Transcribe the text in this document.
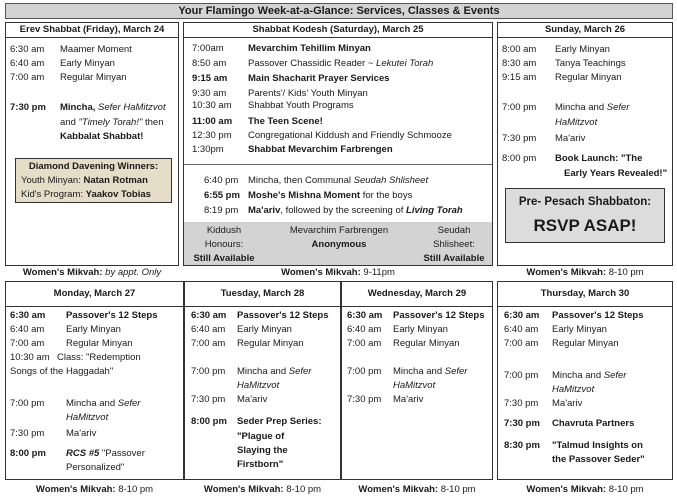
Your Flamingo Week-at-a-Glance: Services, Classes & Events
Erev Shabbat (Friday), March 24
6:30 am Maamer Moment
6:40 am Early Minyan
7:00 am Regular Minyan
7:30 pm Mincha, Sefer HaMitzvot
and "Timely Torah!" then
Kabbalat Shabbat!
Diamond Davening Winners:
Youth Minyan: Natan Rotman
Kid's Program: Yaakov Tobias
Women's Mikvah: by appt. Only
Shabbat Kodesh (Saturday), March 25
7:00am	Mevarchim Tehillim Minyan
8:50 am Passover Chassidic Reader ~ Lekutei Torah
9:15 am Main Shacharit Prayer Services
9:30 am Parents'/ Kids' Youth Minyan
10:30 am Shabbat Youth Programs
11:00 am The Teen Scene!
12:30 pm Congregational Kiddush and Friendly Schmooze
1:30pm	Shabbat Mevarchim Farbrengen
6:40 pm Mincha, then Communal Seudah Shlisheet
6:55 pm Moshe's Mishna Moment for the boys
8:19 pm Ma'ariv, followed by the screening of Living Torah
Kiddush
Honours:
Still Available
Mevarchim Farbrengen
Anonymous
Seudah
Shlisheet:
Still Available
Women's Mikvah: 9-11pm
Sunday, March 26
8:00 am Early Minyan
8:30 am Tanya Teachings
9:15 am Regular Minyan
7:00 pm Mincha and Sefer
HaMitzvot
7:30 pm Ma'ariv
8:00 pm Book Launch: "The
Early Years Revealed!"
Pre- Pesach Shabbaton:
RSVP ASAP!
Women's Mikvah: 8-10 pm
Monday, March 27
6:30 am Passover's 12 Steps
6:40 am Early Minyan
7:00 am Regular Minyan
10:30 am Class: "Redemption
Songs of the Haggadah"
7:00 pm Mincha and Sefer
HaMitzvot
7:30 pm Ma'ariv
8:00 pm RCS #5 "Passover
Personalized"
Women's Mikvah: 8-10 pm
Tuesday, March 28
6:30 am Passover's 12 Steps
6:40 am Early Minyan
7:00 am Regular Minyan
7:00 pm Mincha and Sefer
HaMitzvot
7:30 pm Ma'ariv
8:00 pm Seder Prep Series:
"Plague of
Slaying the
Firstborn"
Women's Mikvah: 8-10 pm
Wednesday, March 29
6:30 am Passover's 12 Steps
6:40 am Early Minyan
7:00 am Regular Minyan
7:00 pm Mincha and Sefer
HaMitzvot
7:30 pm Ma'ariv
Women's Mikvah: 8-10 pm
Thursday, March 30
6:30 am Passover's 12 Steps
6:40 am Early Minyan
7:00 am Regular Minyan
7:00 pm Mincha and Sefer
HaMitzvot
7:30 pm Ma'ariv
7:30 pm Chavruta Partners
8:30 pm "Talmud Insights on
the Passover Seder"
Women's Mikvah: 8-10 pm
